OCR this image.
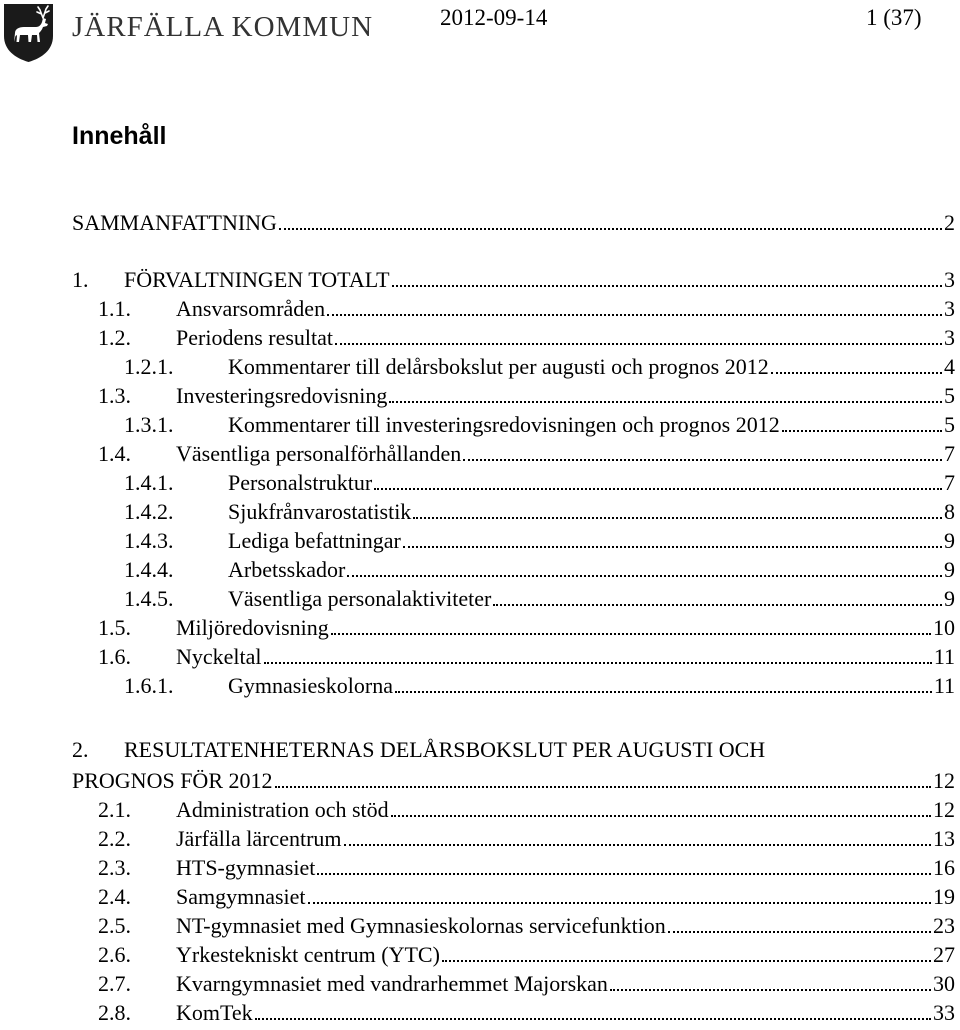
JÄRFÄLLA KOMMUN	2012-09-14	1 (37)
Innehåll
SAMMANFATTNING	2
1.	FÖRVALTNINGEN TOTALT	3
1.1.	Ansvarsområden	3
1.2.	Periodens resultat	3
1.2.1.	Kommentarer till delårsbokslut per augusti och prognos 2012	4
1.3.	Investeringsredovisning	5
1.3.1.	Kommentarer till investeringsredovisningen och prognos 2012	5
1.4.	Väsentliga personalförhållanden	7
1.4.1.	Personalstruktur	7
1.4.2.	Sjukfrånvarostatistik	8
1.4.3.	Lediga befattningar	9
1.4.4.	Arbetsskador	9
1.4.5.	Väsentliga personalaktiviteter	9
1.5.	Miljöredovisning	10
1.6.	Nyckeltal	11
1.6.1.	Gymnasieskolorna	11
2. RESULTATENHETERNAS DELÅRSBOKSLUT PER AUGUSTI OCH
PROGNOS FÖR 2012	12
2.1.	Administration och stöd	12
2.2.	Järfälla lärcentrum	13
2.3.	HTS-gymnasiet	16
2.4.	Samgymnasiet	19
2.5.	NT-gymnasiet med Gymnasieskolornas servicefunktion	23
2.6.	Yrkestekniskt centrum (YTC)	27
2.7.	Kvarngymnasiet med vandrarhemmet Majorskan	30
2.8.	KomTek	33
